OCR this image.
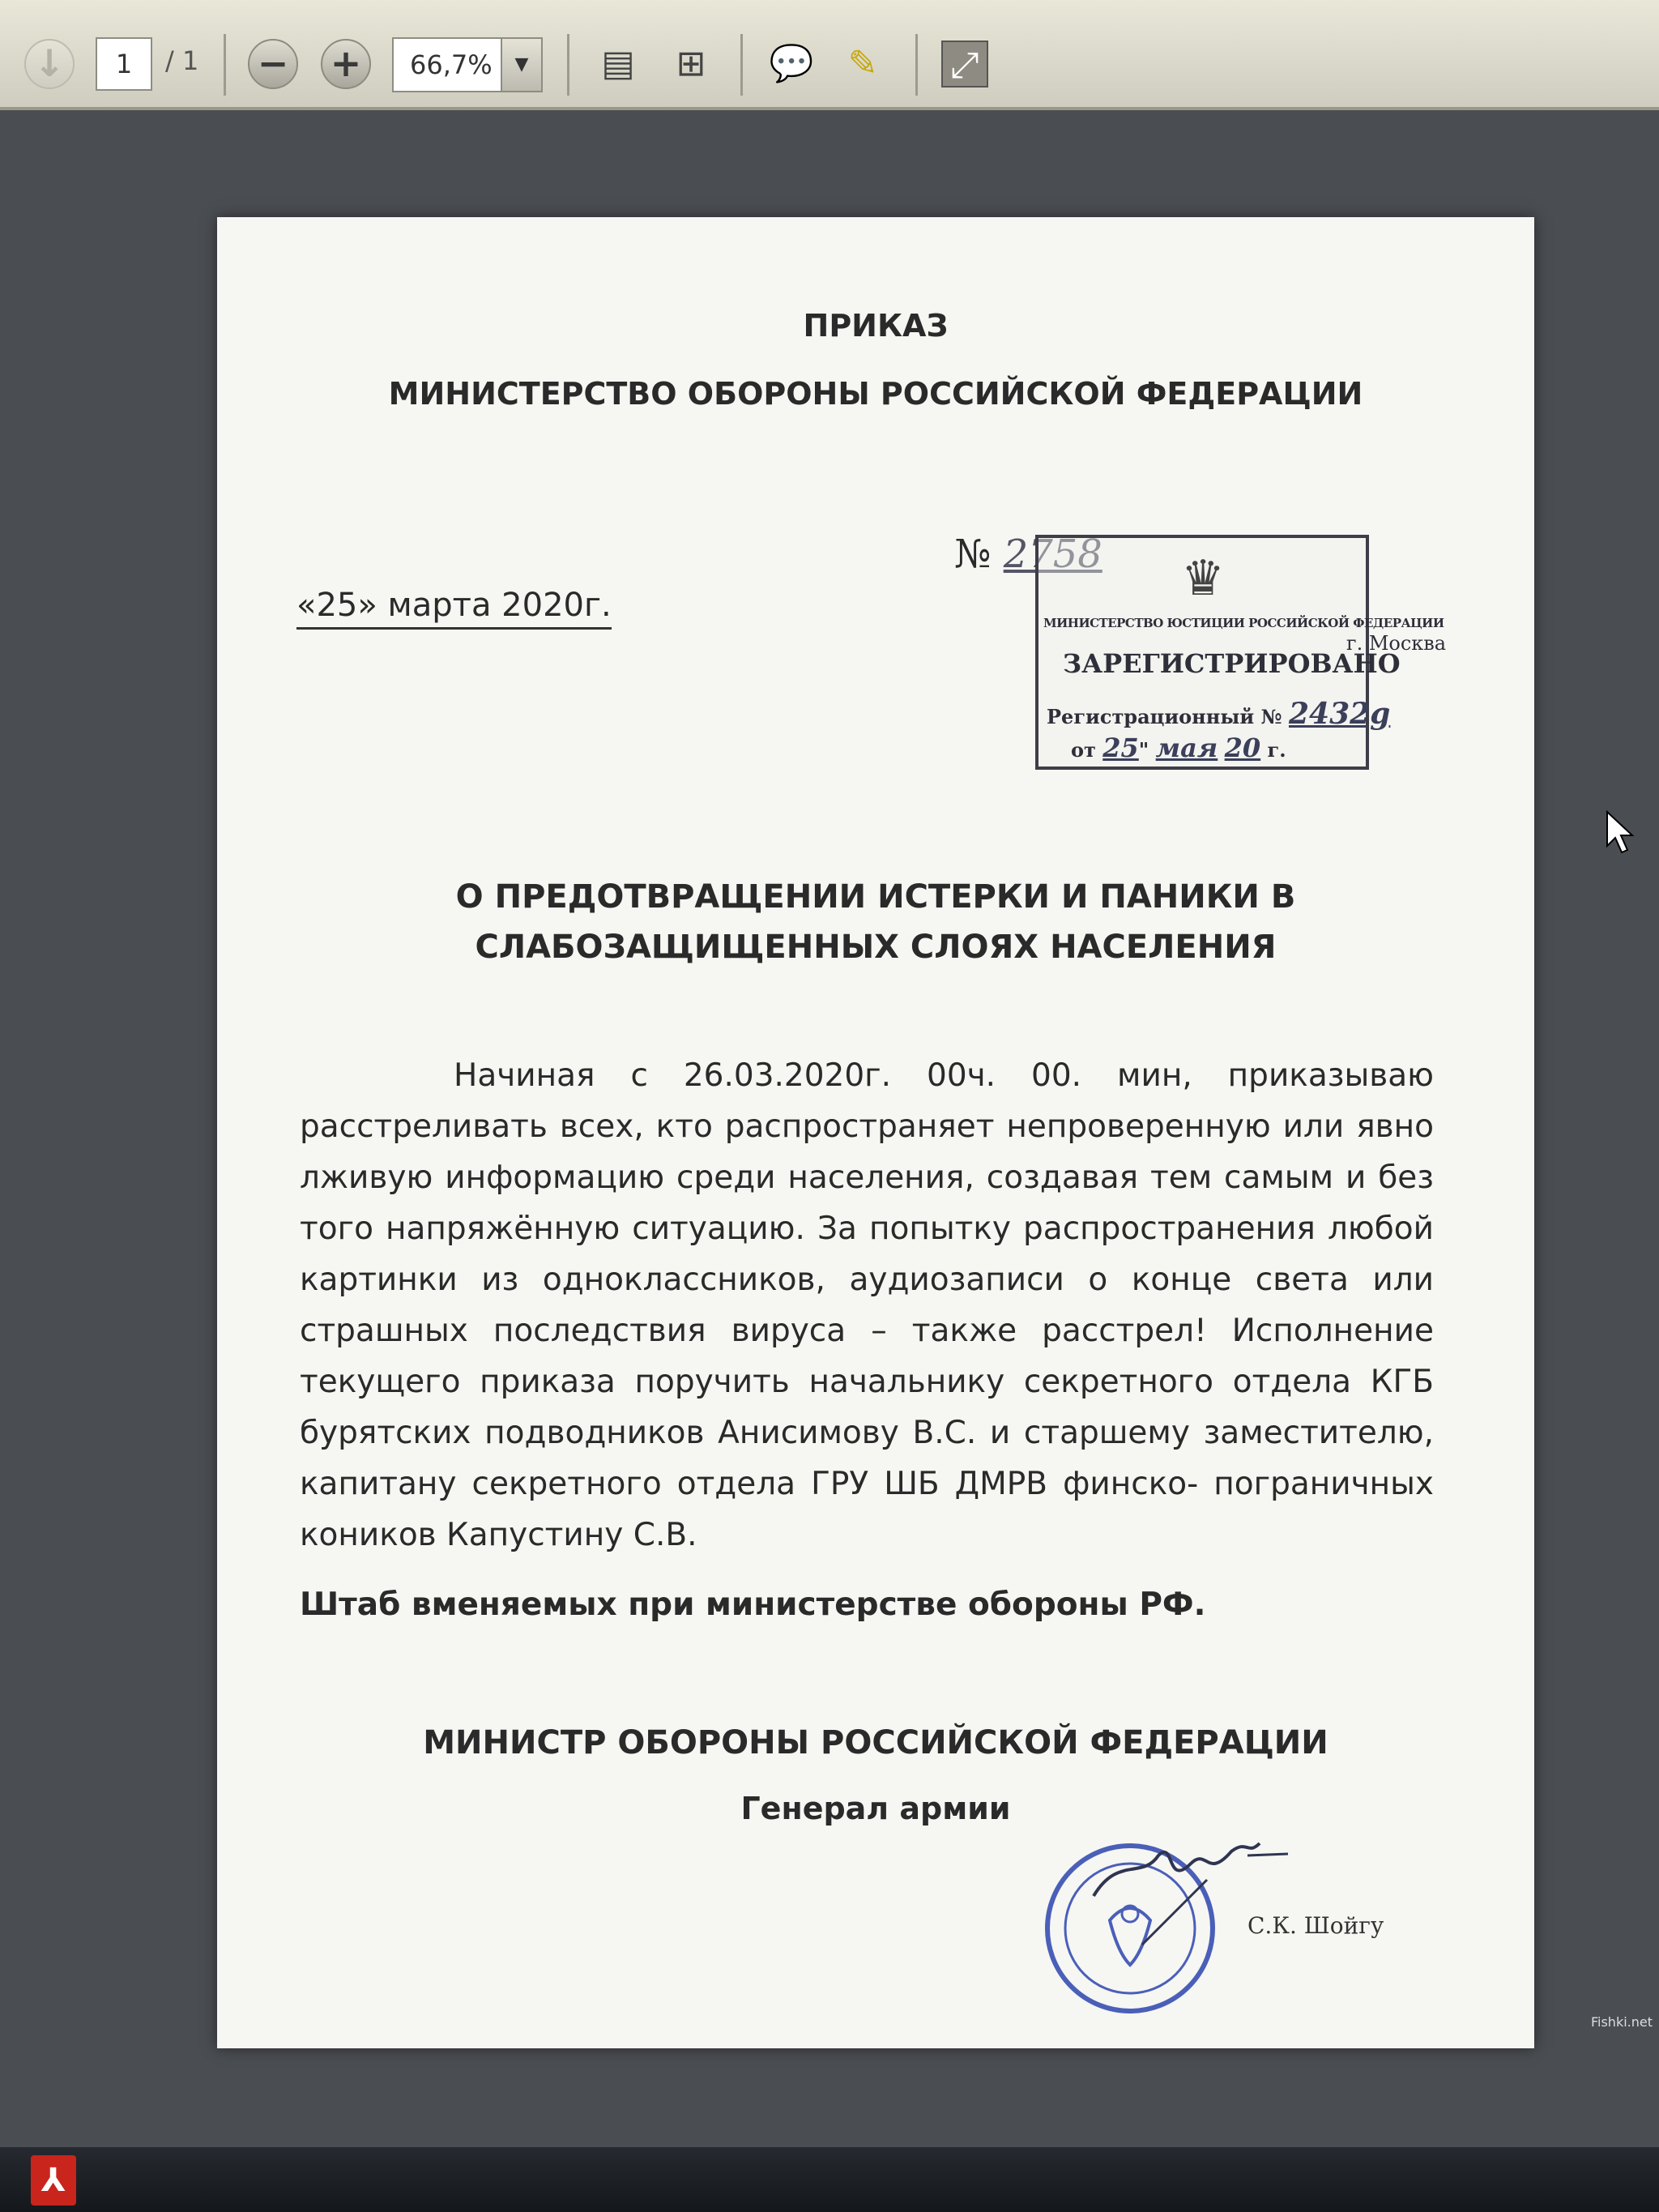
↓	1	/ 1 − +	66,7%	▼	▤ ⊞ 💬 ✎ ⤢
ПРИКАЗ
МИНИСТЕРСТВО ОБОРОНЫ РОССИЙСКОЙ ФЕДЕРАЦИИ
«25» марта 2020г.
№ 2758 ♛
МИНИСТЕРСТВО ЮСТИЦИИ РОССИЙСКОЙ ФЕДЕРАЦИИ
г. Москва
ЗАРЕГИСТРИРОВАНО
Регистрационный № 2432g
от 25" мая 20 г.
О ПРЕДОТВРАЩЕНИИ ИСТЕРКИ И ПАНИКИ В
СЛАБОЗАЩИЩЕННЫХ СЛОЯХ НАСЕЛЕНИЯ
Начиная с 26.03.2020г. 00ч. 00. мин, приказываю расстреливать всех, кто распространяет непроверенную или явно лживую информацию среди населения, создавая тем самым и без того напряжённую ситуацию. За попытку распространения любой картинки из одноклассников, аудиозаписи о конце света или страшных последствия вируса – также расстрел! Исполнение текущего приказа поручить начальнику секретного отдела КГБ бурятских подводников Анисимову В.С. и старшему заместителю, капитану секретного отдела ГРУ ШБ ДМРВ финско- пограничных коников Капустину С.В.
Штаб вменяемых при министерстве обороны РФ.
МИНИСТР ОБОРОНЫ РОССИЙСКОЙ ФЕДЕРАЦИИ
Генерал армии
С.К. Шойгу
Fishki.net
⅄
